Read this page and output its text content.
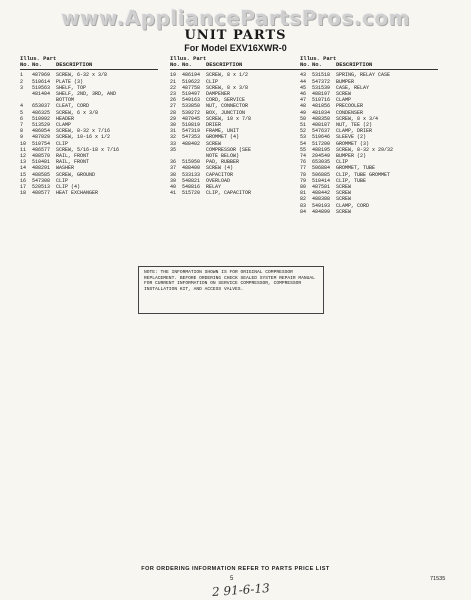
www.AppliancePartsPros.com
UNIT PARTS
For Model EXV16XWR-0
Illus. Part
No. No.	DESCRIPTION
1	487969	SCREW, 6-32 x 3/8
2	510614	PLATE (3)
3	519563	SHELF, TOP
481404	SHELF, 2ND, 3RD, AND
BOTTOM
4	653037	CLEAT, CORD
5	486325	SCREW, 6 x 3/8
6	510992	HEADER
7	513529	CLAMP
8	486054	SCREW, 8-32 x 7/16
9	487029	SCREW, 10-16 x 1/2
10	510754	CLIP
11	486577	SCREW, 5/16-18 x 7/16
12	488570	RAIL, FRONT
13	510481	RAIL, FRONT
14	488291	WASHER
15	488585	SCREW, GROUND
16	547308	CLIP
17	520513	CLIP (4)
18	480577	HEAT EXCHANGER
Illus. Part
No. No.	DESCRIPTION
19	486194	SCREW, 8 x 1/2
21	519622	CLIP
22	487758	SCREW, 8 x 3/8
23	519497	DAMPENER
26	549163	CORD, SERVICE
27	533850	NUT, CONNECTOR
28	539272	BOX, JUNCTION
29	487045	SCREW, 10 x 7/8
30	510819	DRIER
31	547319	FRAME, UNIT
32	547353	GROMMET (4)
33	488402	SCREW
35	COMPRESSOR (SEE
NOTE BELOW)
36	515950	PAD, RUBBER
37	488400	SCREW (4)
38	533133	CAPACITOR
39	548821	OVERLOAD
40	548816	RELAY
41	515720	CLIP, CAPACITOR
Illus. Part
No. No.	DESCRIPTION
43	531518	SPRING, RELAY CASE
44	547372	BUMPER
45	531539	CASE, RELAY
46	488197	SCREW
47	510716	CLAMP
48	481856	PRECOOLER
49	481034	CONDENSER
50	488350	SCREW, 8 x 3/4
51	488187	NUT, TEE (2)
52	547637	CLAMP, DRIER
53	510646	SLEEVE (2)
54	517200	GROMMET (3)
55	488195	SCREW, 8-32 x 29/32
74	204549	BUMPER (2)
76	653035	CLIP
77	506884	GROMMET, TUBE
78	506885	CLIP, TUBE GROMMET
79	510414	CLIP, TUBE
80	487581	SCREW
81	488442	SCREW
82	488388	SCREW
83	549193	CLAMP, CORD
84	484899	SCREW
NOTE: THE INFORMATION SHOWN IS FOR ORIGINAL COMPRESSOR REPLACEMENT. BEFORE ORDERING CHECK SEALED SYSTEM REPAIR MANUAL FOR CURRENT INFORMATION ON SERVICE COMPRESSOR, COMPRESSOR INSTALLATION KIT, AND ACCESS VALVES.
FOR ORDERING INFORMATION REFER TO PARTS PRICE LIST
5	71535
2 91-6-13
